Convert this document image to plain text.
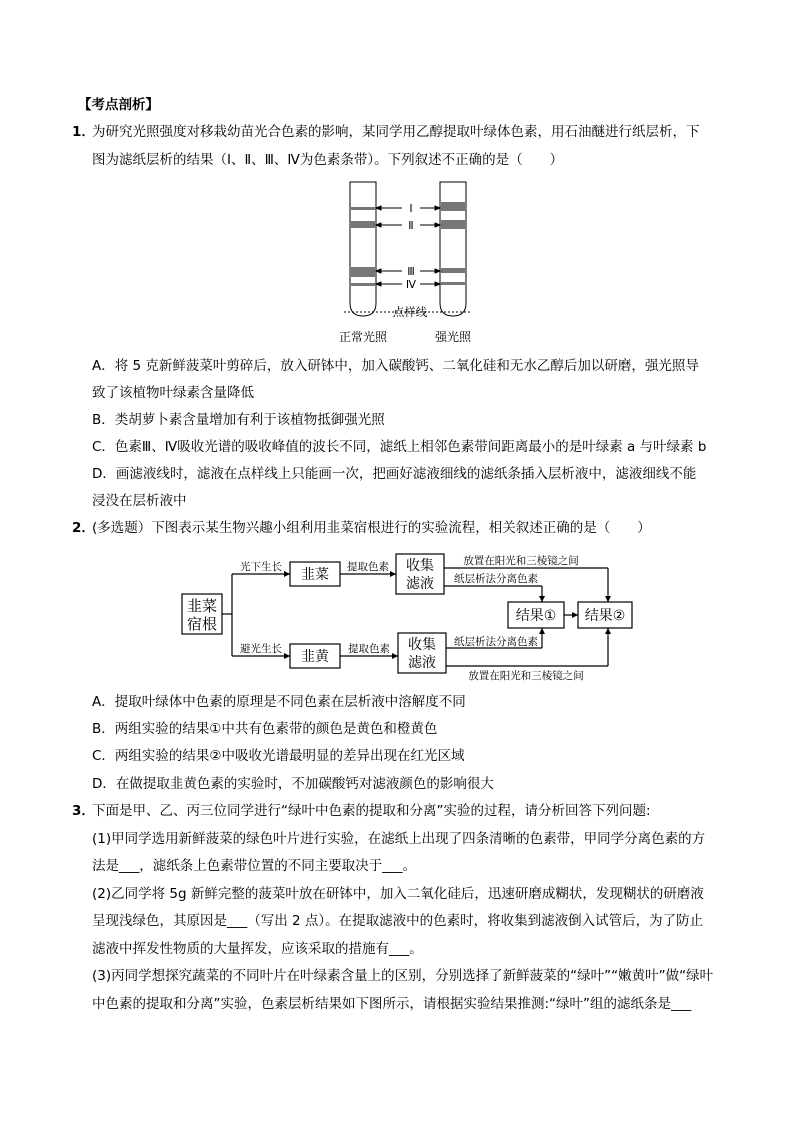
【考点剖析】
1．
为研究光照强度对移栽幼苗光合色素的影响，某同学用乙醇提取叶绿体色素，用石油醚进行纸层析，下
图为滤纸层析的结果（Ⅰ、Ⅱ、Ⅲ、Ⅳ为色素条带）。下列叙述不正确的是（　　）
Ⅰ
Ⅱ
Ⅲ
Ⅳ
点样线
正常光照	强光照
A．将 5 克新鲜菠菜叶剪碎后，放入研钵中，加入碳酸钙、二氧化硅和无水乙醇后加以研磨，强光照导
致了该植物叶绿素含量降低
B．类胡萝卜素含量增加有利于该植物抵御强光照
C．色素Ⅲ、Ⅳ吸收光谱的吸收峰值的波长不同，滤纸上相邻色素带间距离最小的是叶绿素 a 与叶绿素 b
D．画滤液线时，滤液在点样线上只能画一次，把画好滤液细线的滤纸条插入层析液中，滤液细线不能
浸没在层析液中
2．
(多选题）下图表示某生物兴趣小组利用韭菜宿根进行的实验流程，相关叙述正确的是（　　）
韭菜
宿根
光下生长
避光生长
韭菜
韭黄
提取色素
提取色素
收集
滤液
收集
滤液
放置在阳光和三棱镜之间
纸层析法分离色素
纸层析法分离色素
放置在阳光和三棱镜之间
结果① 结果②
A．提取叶绿体中色素的原理是不同色素在层析液中溶解度不同
B．两组实验的结果①中共有色素带的颜色是黄色和橙黄色
C．两组实验的结果②中吸收光谱最明显的差异出现在红光区域
D．在做提取韭黄色素的实验时，不加碳酸钙对滤液颜色的影响很大
3．
下面是甲、乙、丙三位同学进行“绿叶中色素的提取和分离”实验的过程，请分析回答下列问题:
(1)甲同学选用新鲜菠菜的绿色叶片进行实验，在滤纸上出现了四条清晰的色素带，甲同学分离色素的方
法是___，滤纸条上色素带位置的不同主要取决于___。
(2)乙同学将 5g 新鲜完整的菠菜叶放在研钵中，加入二氧化硅后，迅速研磨成糊状，发现糊状的研磨液
呈现浅绿色，其原因是___（写出 2 点）。在提取滤液中的色素时，将收集到滤液倒入试管后，为了防止
滤液中挥发性物质的大量挥发，应该采取的措施有___。
(3)丙同学想探究蔬菜的不同叶片在叶绿素含量上的区别，分别选择了新鲜菠菜的“绿叶”“嫩黄叶”做“绿叶
中色素的提取和分离”实验，色素层析结果如下图所示，请根据实验结果推测:“绿叶”组的滤纸条是___
